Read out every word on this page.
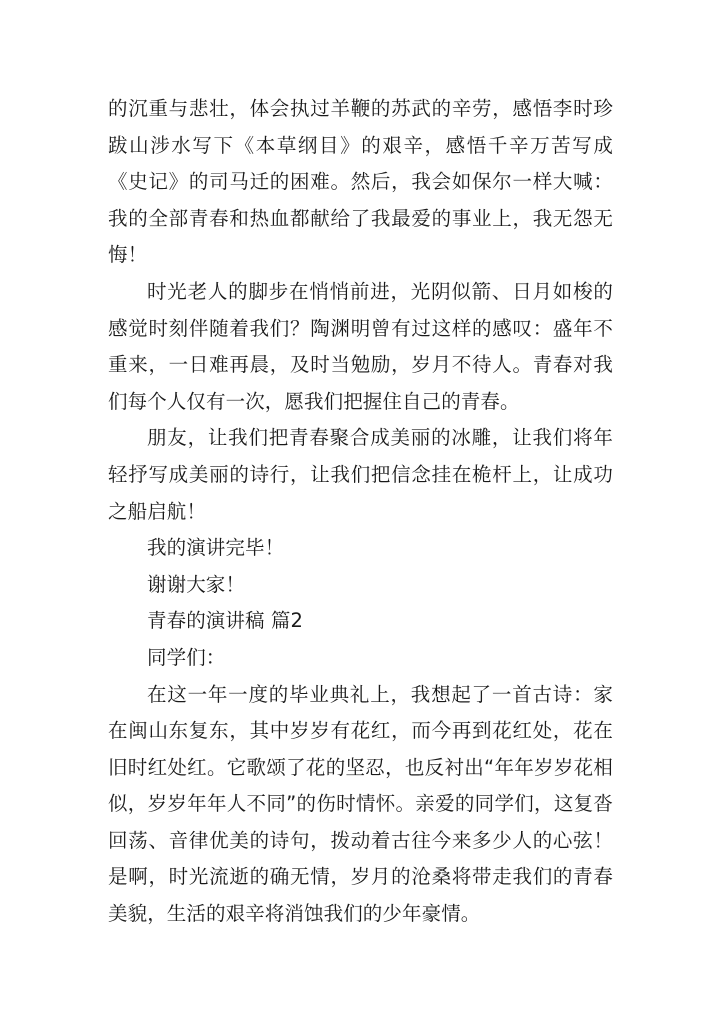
的沉重与悲壮，体会执过羊鞭的苏武的辛劳，感悟李时珍跋山涉水写下《本草纲目》的艰辛，感悟千辛万苦写成《史记》的司马迁的困难。然后，我会如保尔一样大喊：我的全部青春和热血都献给了我最爱的事业上，我无怨无悔！

时光老人的脚步在悄悄前进，光阴似箭、日月如梭的感觉时刻伴随着我们？陶渊明曾有过这样的感叹：盛年不重来，一日难再晨，及时当勉励，岁月不待人。青春对我们每个人仅有一次，愿我们把握住自己的青春。

朋友，让我们把青春聚合成美丽的冰雕，让我们将年轻抒写成美丽的诗行，让我们把信念挂在桅杆上，让成功之船启航！

我的演讲完毕！

谢谢大家！

青春的演讲稿 篇2

同学们：

在这一年一度的毕业典礼上，我想起了一首古诗：家在闽山东复东，其中岁岁有花红，而今再到花红处，花在旧时红处红。它歌颂了花的坚忍，也反衬出“年年岁岁花相似，岁岁年年人不同”的伤时情怀。亲爱的同学们，这复沓回荡、音律优美的诗句，拨动着古往今来多少人的心弦！是啊，时光流逝的确无情，岁月的沧桑将带走我们的青春美貌，生活的艰辛将消蚀我们的少年豪情。
